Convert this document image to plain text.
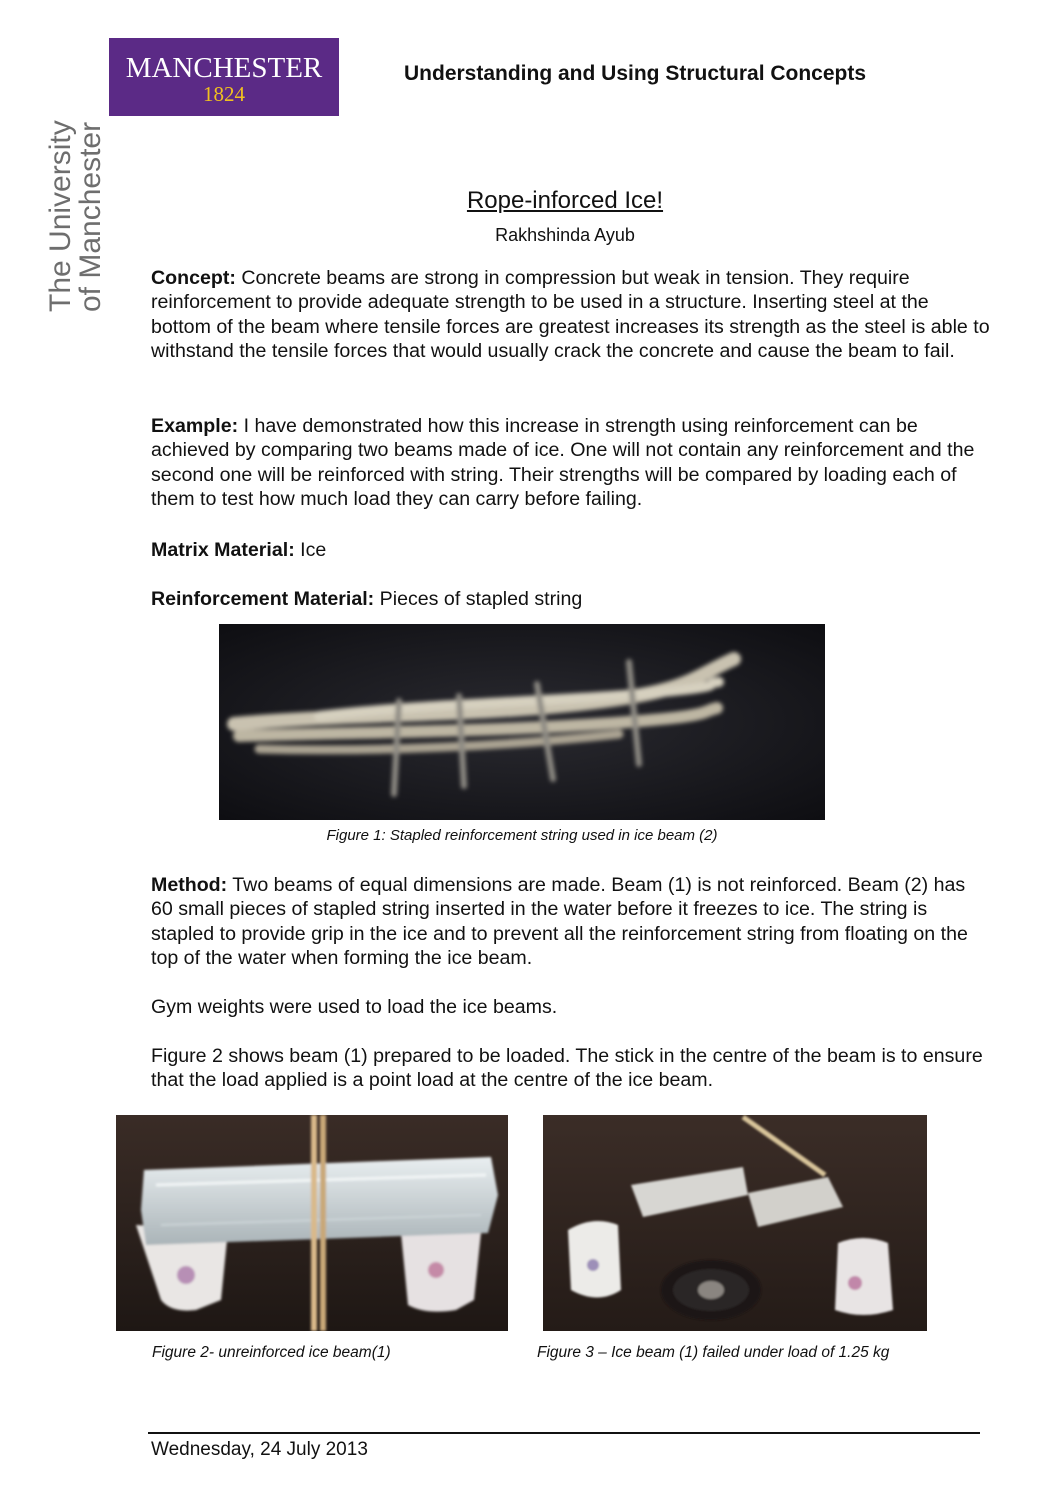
MANCHESTER
1824
The University
of Manchester
Understanding and Using Structural Concepts
Rope-inforced Ice!
Rakhshinda Ayub
Concept: Concrete beams are strong in compression but weak in tension. They require reinforcement to provide adequate strength to be used in a structure. Inserting steel at the bottom of the beam where tensile forces are greatest increases its strength as the steel is able to withstand the tensile forces that would usually crack the concrete and cause the beam to fail.
Example: I have demonstrated how this increase in strength using reinforcement can be achieved by comparing two beams made of ice. One will not contain any reinforcement and the second one will be reinforced with string. Their strengths will be compared by loading each of them to test how much load they can carry before failing.
Matrix Material: Ice
Reinforcement Material: Pieces of stapled string
Figure 1: Stapled reinforcement string used in ice beam (2)
Method: Two beams of equal dimensions are made. Beam (1) is not reinforced. Beam (2) has 60 small pieces of stapled string inserted in the water before it freezes to ice. The string is stapled to provide grip in the ice and to prevent all the reinforcement string from floating on the top of the water when forming the ice beam.
Gym weights were used to load the ice beams.
Figure 2 shows beam (1) prepared to be loaded. The stick in the centre of the beam is to ensure that the load applied is a point load at the centre of the ice beam.
Figure 2- unreinforced ice beam(1)	Figure 3 – Ice beam (1) failed under load of 1.25 kg
Wednesday, 24 July 2013
